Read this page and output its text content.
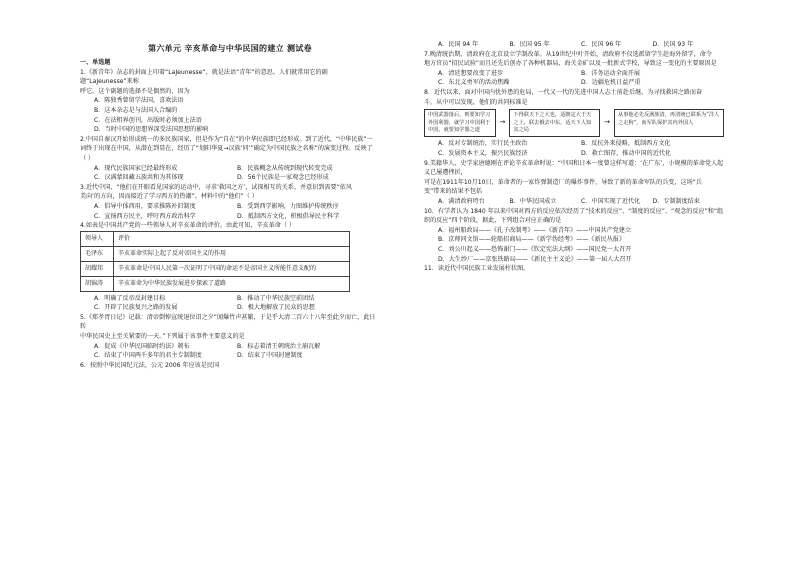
第六单元 辛亥革命与中华民国的建立 测试卷

一、单选题

1.《新青年》杂志的封面上印着“LaJeunesse”，就是法语“青年”的意思。人们就常用它的副题“LaJeunesse”来称

呼它。这个副题的选择不是偶然的，因为

A．陈独秀曾留学法国，喜欢法语

B．这本杂志是与法国人合编的

C．在法租界创刊，出版时必须加上法语

D．当时中国的思想界深受法国思想的影响

2.中国自秦汉开始形成统一的多民族国家，但是作为“自在”的中华民族即已经形成。到了近代，“中华民族”一

词终于出现在中国，从潜在到显在，经历了“划阳华夏→汉族‘同’”确定为中国民族之名称”的演变过程。反映了

（ ）

A．现代民族国家已经最终形成	B．民族概念从传统到现代转变完成
C．汉满蒙回藏五族共和为其体现	D．56个民族是一家观念已经形成

3.近代中国，“他们在开眼看见国家的运动中，寻求‘救国之方’，试探相互的关系，并意识到需要“依风

美向’的方向，因而接近了学习西方的热潮”。材料中的“他们”（ ）

A．倡导中体西用，要求推陈补旧制度	B．受到西学影响，力图维护传统秩序
C．宣扬西方民主，呼吁西方政治科学	D．抵制西方文化，积极倡导民主科学

4.如表是中国共产党的一些领导人对辛亥革命的评价。由此可知，辛亥革命（ ）

领导人	评价
毛泽东	辛亥革命实际上起了反对帝国主义的作用
胡耀邦	辛亥革命是中国人民第一次证明了中国的命运不是帝国主义所能任意支配的
胡锦涛	辛亥革命为中华民族发展进步探索了道路
A．明确了反帝反封建目标	B．推动了中华民族空前团结
C．开辟了民族复兴之路的发展	D．极大地解放了民众的思想

5.《郑孝胥日记》记载：清帝倒悼宣统退位诏之夕”闻爆竹声甚繁，于是乎大清二百六十八年至此夕而亡，此日转

中华民国史上至关紧要的一天。”下列属于该事件主要意义的是

A．促成《中华民国临时约法》颁布	B．标志着清王朝统治土崩瓦解
C．结束了中国两千多年的君主专制制度	D．结束了中国封建制度

6．按照中华民国纪元法，公元 2006 年应该是民国

A．民国 94 年	B．民国 95 年	C．民国 96 年	D．民国 93 年

7.晚清统治期，清政府在北京设立学制改革。从19世纪中叶开始，清政府不仅选派留学生赴海外留学，命令

地方官员“招民试验”而且还先后创办了各种机器局、海关金矿以及一批新式学校，导致这一变化的主要原因是

A．清廷想要改变了进步	B．洋务运动全面开展
C．东北义勇军的活动焦躁	D．边疆危机日益严重

8．近代以来，面对中国内忧外患的危局，一代又一代的先进中国人志士前赴后继，为寻找救国之路而奋

斗。从中可以发现，他们的共同标准是

中国武器落后，则要知学习外国利器，就学习中国利于中国，就要知学器之道
→
下得联天下之大也，适朝定大于天之上，联去俄去中东，适天下人知其之局
→
从事他必先反满族清，再清统已联系为“洋人之走狗”，而军队保护其内外国人
A．反对专制统治，实行民主政治	B．反抗外来侵略，抵制西方文化
C．发展资本主义，振兴民族经济	D．救亡图存，推动中国的近代化

9.美籍华人、史学家唐德刚在评论辛亥革命时说：“中国和日本一度曾这样写道：‘在广东’，小规模的革命党人起义已屡遭挫折，

可是在1911年10月10日，革命者的一家炸弹制造厂的爆炸事件，导致了新的革命军队的兵变，这场“兵

变”带来的结果不包括

A．满清政府垮台	B．中华民国成立	C．中国实现了近代化	D．专制制度结束

10．有学者认为 1840 年以来中国对西方的反应依次经历了“技术的反应”、“制度的反应”、“观念的反应”和“组

织的反应”四个阶段，据此，下列组合对应正确的是

A．福州船政局——《孔子改制考》——《新青年》——中国共产党建立

B．京师同文馆——轮船招商局——《新学伪经考》——《新民丛报》

C．刘公川起义——恐怖谢门——《钦定宪法大纲》——国民党一大召开

D．大生纱厂——京张铁路局——《新民主主义论》——第一届人大召开

11．读近代中国民族工业发展柱状图。
